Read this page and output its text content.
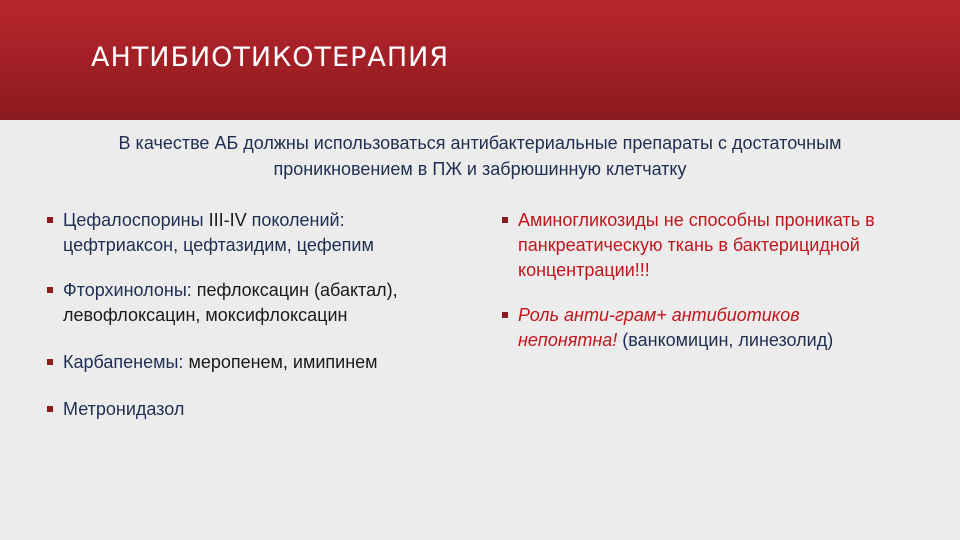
АНТИБИОТИКОТЕРАПИЯ
В качестве АБ должны использоваться антибактериальные препараты с достаточным проникновением в ПЖ и забрюшинную клетчатку
Цефалоспорины III-IV поколений: цефтриаксон, цефтазидим, цефепим
Фторхинолоны: пефлоксацин (абактал), левофлоксацин, моксифлоксацин
Карбапенемы: меропенем, имипинем
Метронидазол
Аминогликозиды не способны проникать в панкреатическую ткань в бактерицидной концентрации!!!
Роль анти-грам+ антибиотиков непонятна! (ванкомицин, линезолид)
